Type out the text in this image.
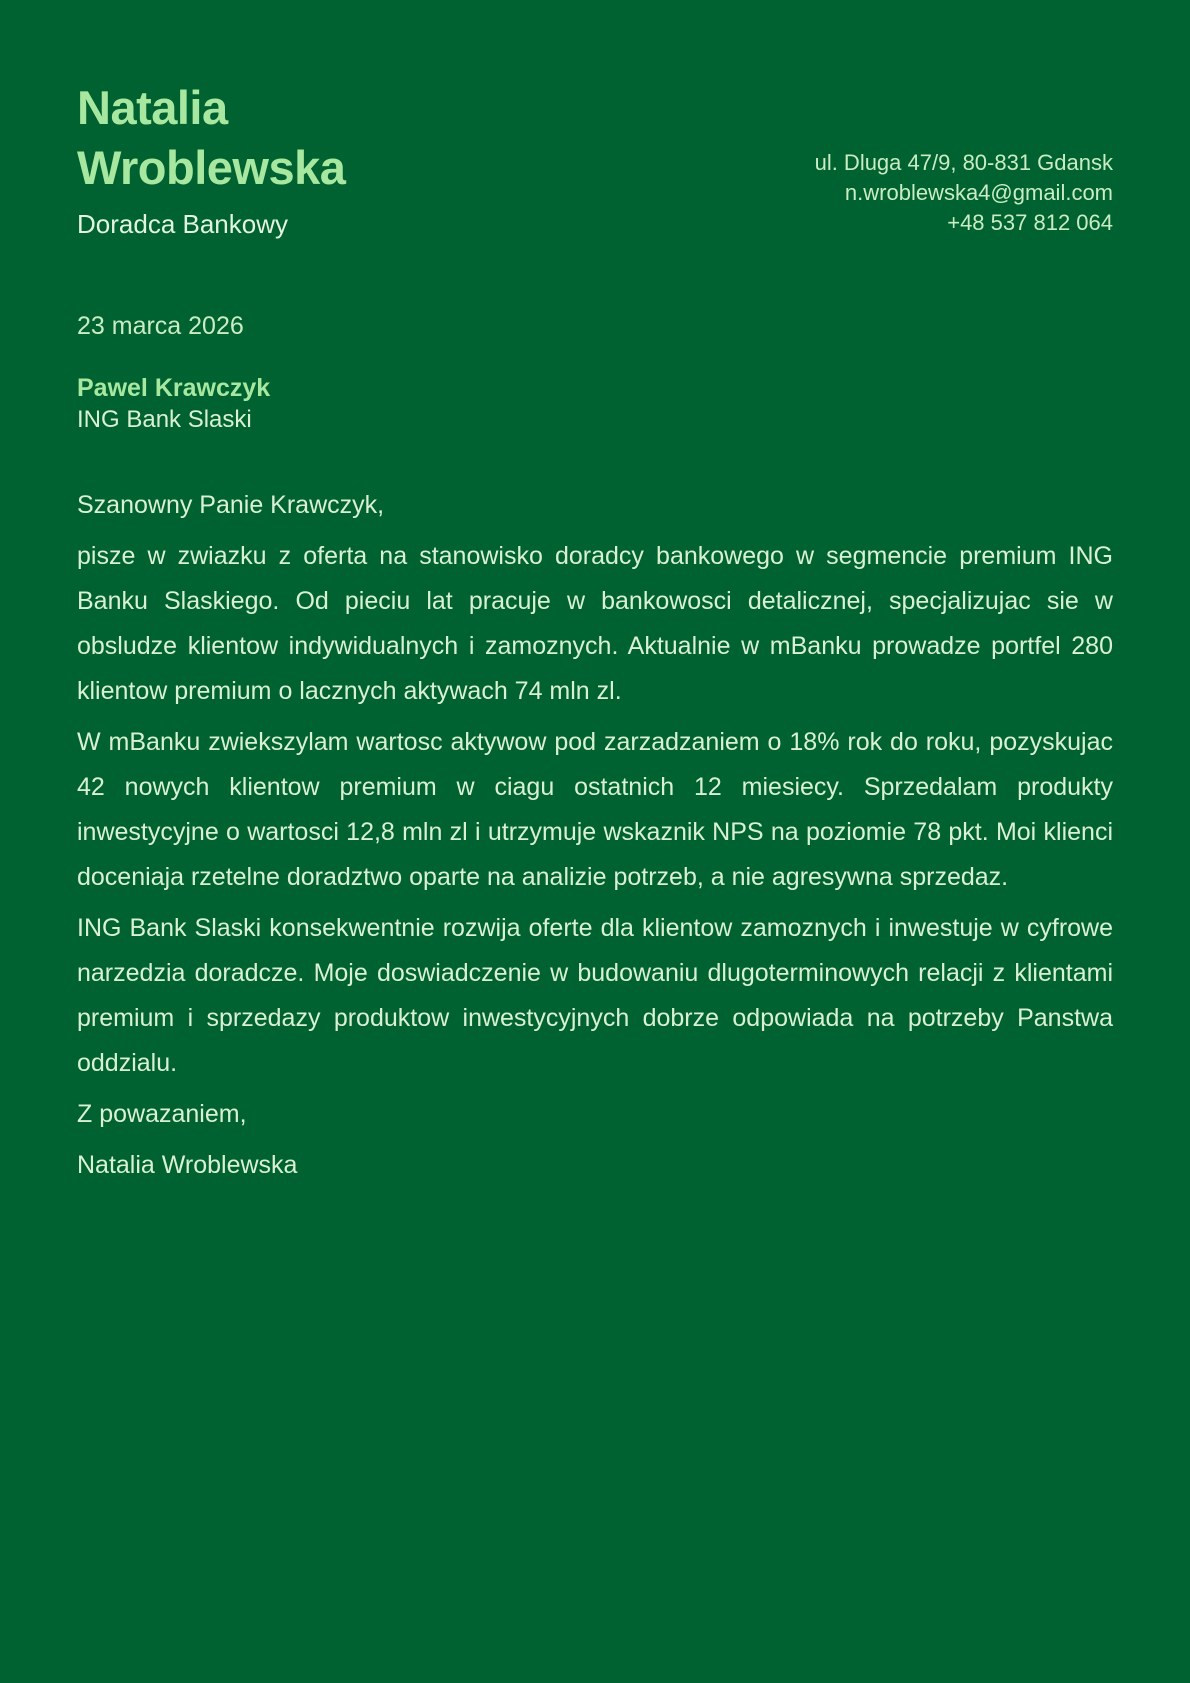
Natalia
Wroblewska
Doradca Bankowy
ul. Dluga 47/9, 80-831 Gdansk
n.wroblewska4@gmail.com
+48 537 812 064
23 marca 2026
Pawel Krawczyk
ING Bank Slaski

Szanowny Panie Krawczyk,

pisze w zwiazku z oferta na stanowisko doradcy bankowego w segmencie premium ING Banku Slaskiego. Od pieciu lat pracuje w bankowosci detalicznej, specjalizujac sie w obsludze klientow indywidualnych i zamoznych. Aktualnie w mBanku prowadze portfel 280 klientow premium o lacznych aktywach 74 mln zl.

W mBanku zwiekszylam wartosc aktywow pod zarzadzaniem o 18% rok do roku, pozyskujac 42 nowych klientow premium w ciagu ostatnich 12 miesiecy. Sprzedalam produkty inwestycyjne o wartosci 12,8 mln zl i utrzymuje wskaznik NPS na poziomie 78 pkt. Moi klienci doceniaja rzetelne doradztwo oparte na analizie potrzeb, a nie agresywna sprzedaz.

ING Bank Slaski konsekwentnie rozwija oferte dla klientow zamoznych i inwestuje w cyfrowe narzedzia doradcze. Moje doswiadczenie w budowaniu dlugoterminowych relacji z klientami premium i sprzedazy produktow inwestycyjnych dobrze odpowiada na potrzeby Panstwa oddzialu.

Z powazaniem,

Natalia Wroblewska
